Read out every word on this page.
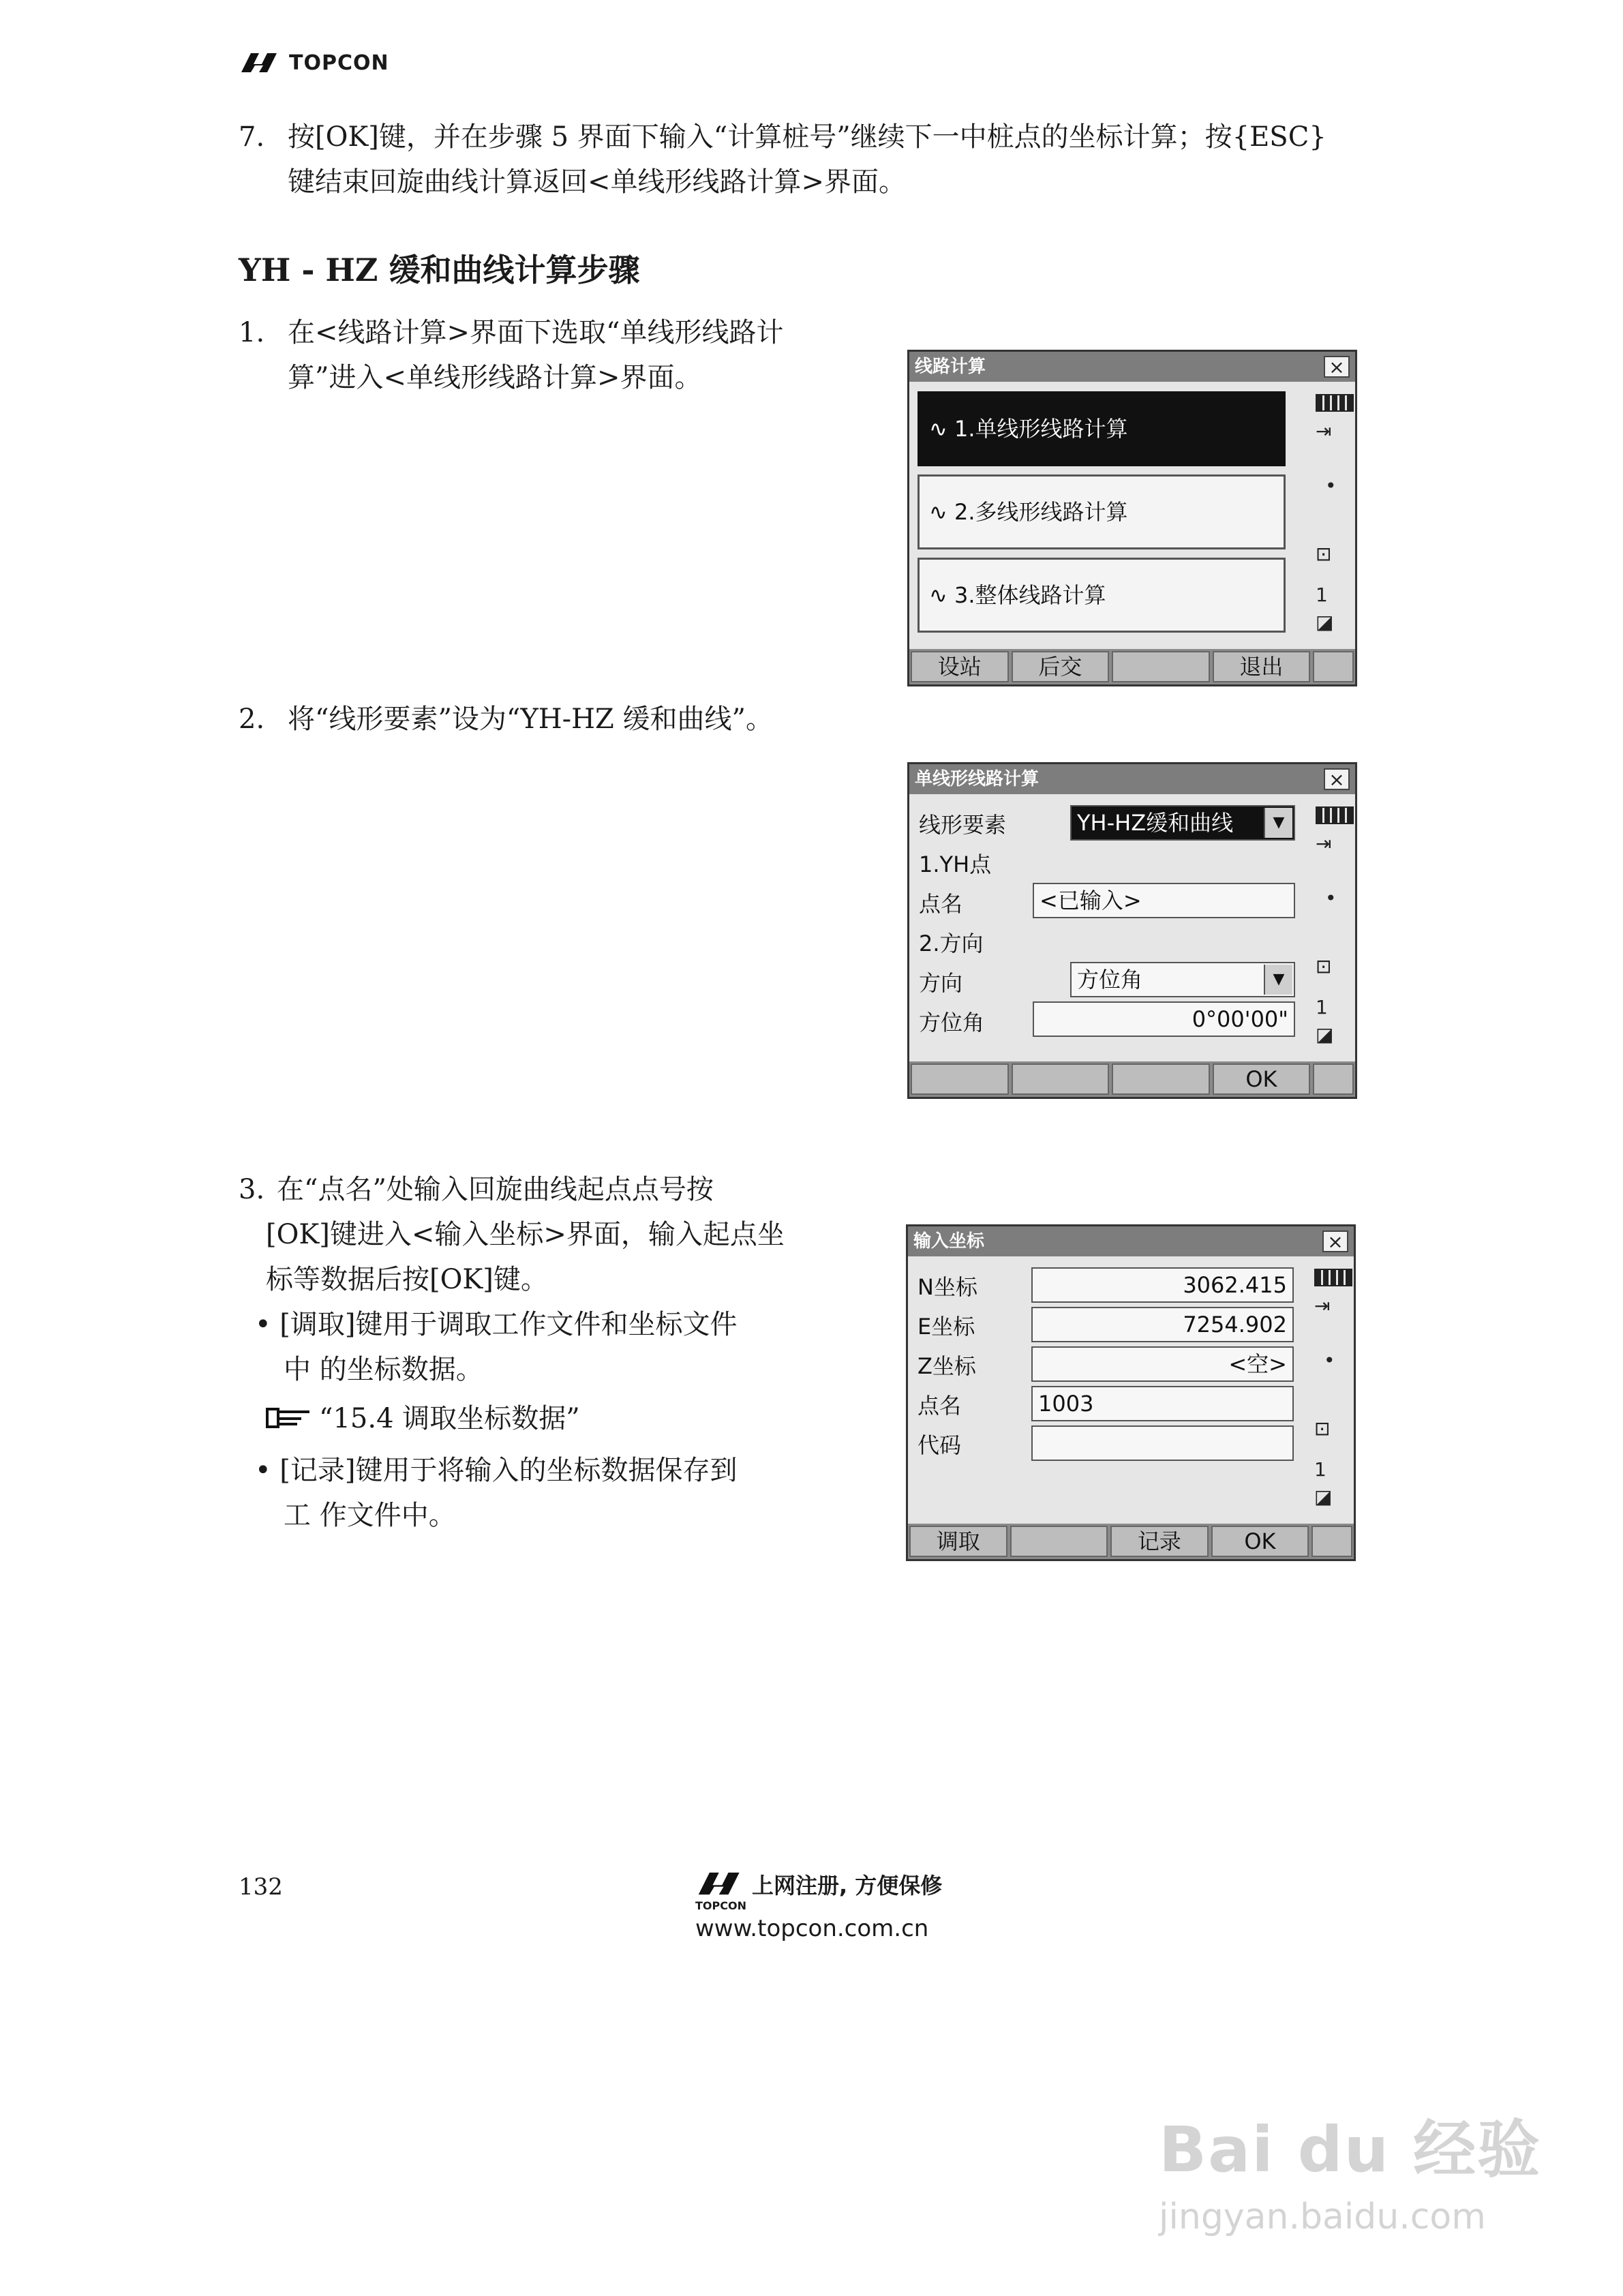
TOPCON
7. 按[OK]键，并在步骤 5 界面下输入“计算桩号”继续下一中桩点的坐标计算；按{ESC}
键结束回旋曲线计算返回<单线形线路计算>界面。
YH - HZ 缓和曲线计算步骤
1. 在<线路计算>界面下选取“单线形线路计
算”进入<单线形线路计算>界面。	线路计算	×
∿ 1.单线形线路计算
∿ 2.多线形线路计算
∿ 3.整体线路计算
⇥
•
⊡
1
◪
设站	后交	退出
2. 将“线形要素”设为“YH-HZ 缓和曲线”。
单线形线路计算	×
线形要素	YH-HZ缓和曲线	▼
1.YH点
点名	<已输入>
2.方向
方向	方位角	▼
方位角	0°00'00"
⇥
•
⊡
1
◪
OK
3. 在“点名”处输入回旋曲线起点点号按
[OK]键进入<输入坐标>界面，输入起点坐
标等数据后按[OK]键。
• [调取]键用于调取工作文件和坐标文件
中 的坐标数据。
“15.4 调取坐标数据”
• [记录]键用于将输入的坐标数据保存到
工 作文件中。
输入坐标	×
N坐标	3062.415
E坐标	7254.902
Z坐标	<空>
点名	1003
代码
⇥
•
⊡
1
◪
调取	记录	OK
132
TOPCON
上网注册, 方便保修
www.topcon.com.cn
Bai du 经验
jingyan.baidu.com
